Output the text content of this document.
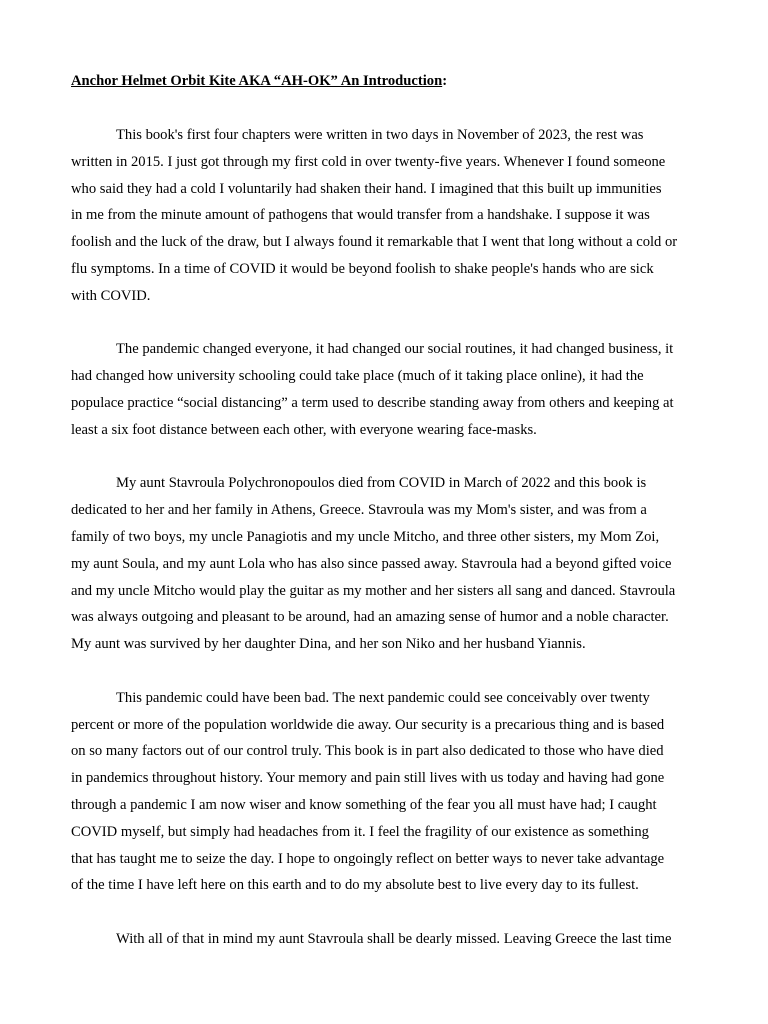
Anchor Helmet Orbit Kite AKA “AH-OK” An Introduction:
This book's first four chapters were written in two days in November of 2023, the rest was
written in 2015. I just got through my first cold in over twenty-five years. Whenever I found someone
who said they had a cold I voluntarily had shaken their hand. I imagined that this built up immunities
in me from the minute amount of pathogens that would transfer from a handshake. I suppose it was
foolish and the luck of the draw, but I always found it remarkable that I went that long without a cold or
flu symptoms. In a time of COVID it would be beyond foolish to shake people's hands who are sick
with COVID.
The pandemic changed everyone, it had changed our social routines, it had changed business, it
had changed how university schooling could take place (much of it taking place online), it had the
populace practice “social distancing” a term used to describe standing away from others and keeping at
least a six foot distance between each other, with everyone wearing face-masks.
My aunt Stavroula Polychronopoulos died from COVID in March of 2022 and this book is
dedicated to her and her family in Athens, Greece. Stavroula was my Mom's sister, and was from a
family of two boys, my uncle Panagiotis and my uncle Mitcho, and three other sisters, my Mom Zoi,
my aunt Soula, and my aunt Lola who has also since passed away. Stavroula had a beyond gifted voice
and my uncle Mitcho would play the guitar as my mother and her sisters all sang and danced. Stavroula
was always outgoing and pleasant to be around, had an amazing sense of humor and a noble character.
My aunt was survived by her daughter Dina, and her son Niko and her husband Yiannis.
This pandemic could have been bad. The next pandemic could see conceivably over twenty
percent or more of the population worldwide die away. Our security is a precarious thing and is based
on so many factors out of our control truly. This book is in part also dedicated to those who have died
in pandemics throughout history. Your memory and pain still lives with us today and having had gone
through a pandemic I am now wiser and know something of the fear you all must have had; I caught
COVID myself, but simply had headaches from it. I feel the fragility of our existence as something
that has taught me to seize the day. I hope to ongoingly reflect on better ways to never take advantage
of the time I have left here on this earth and to do my absolute best to live every day to its fullest.
With all of that in mind my aunt Stavroula shall be dearly missed. Leaving Greece the last time
